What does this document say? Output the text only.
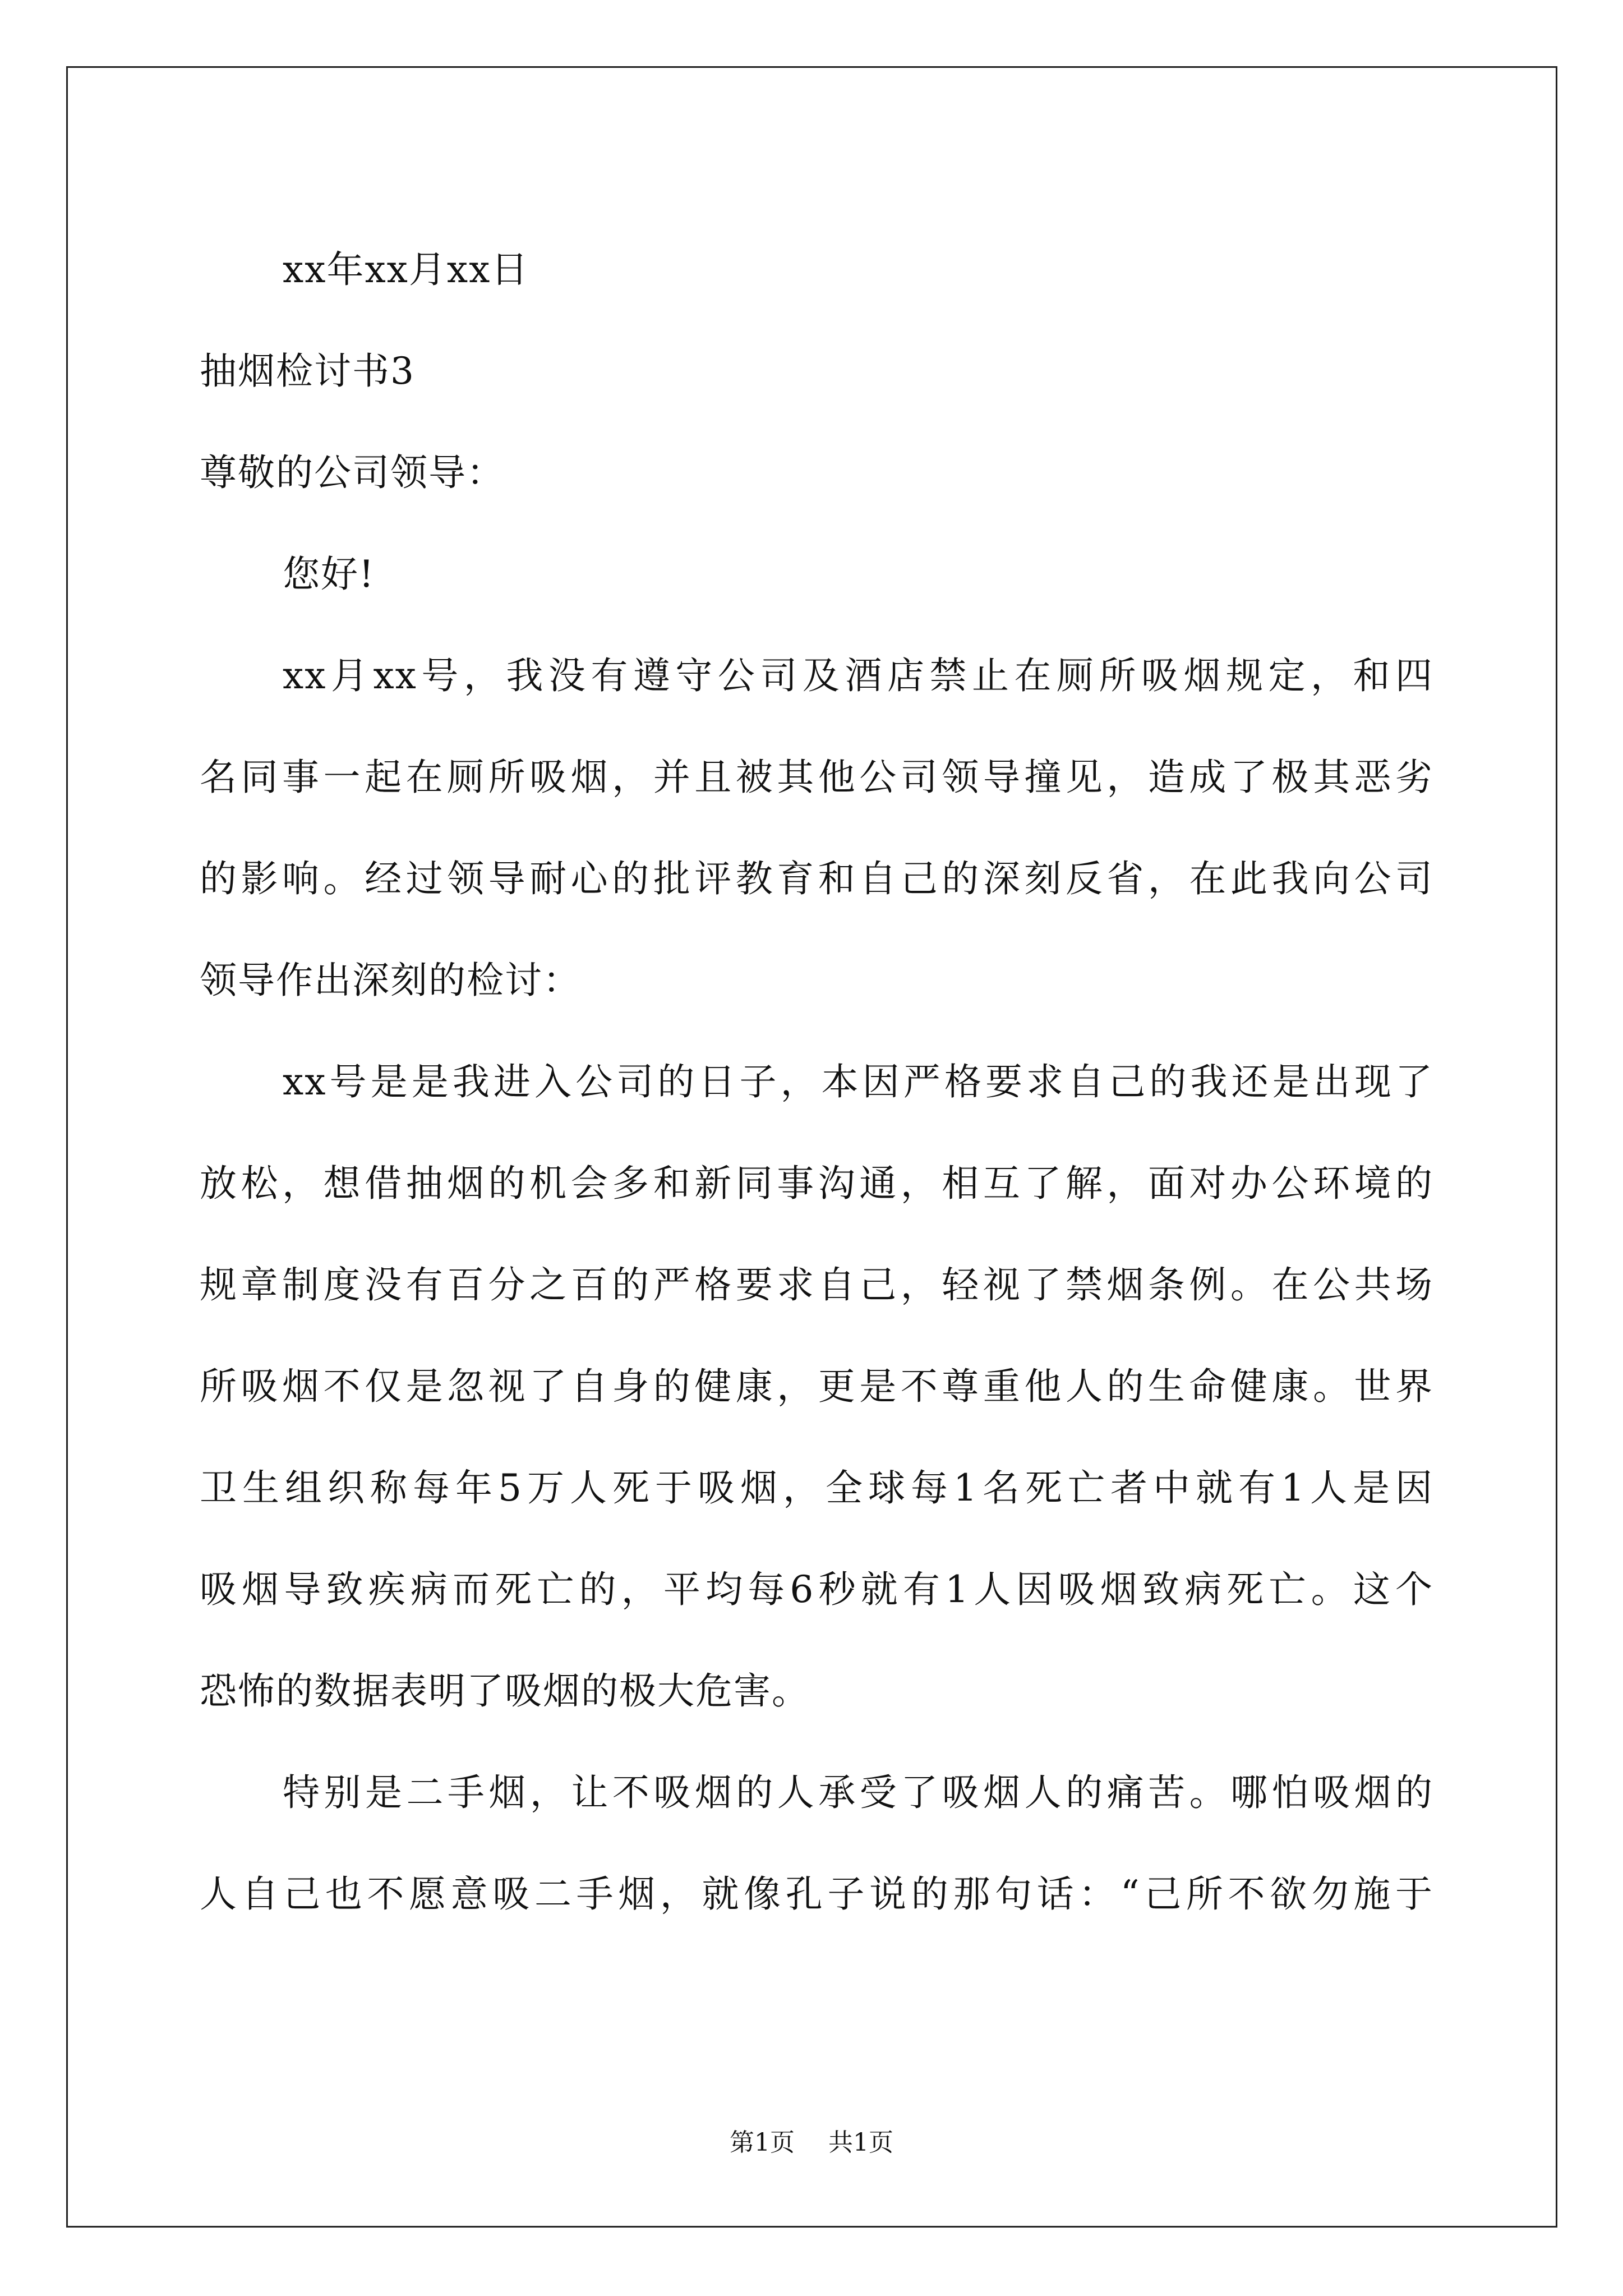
xx年xx月xx日
抽烟检讨书3
尊敬的公司领导：
您好!
xx月xx号，我没有遵守公司及酒店禁止在厕所吸烟规定，和四
名同事一起在厕所吸烟，并且被其他公司领导撞见，造成了极其恶劣
的影响。经过领导耐心的批评教育和自己的深刻反省，在此我向公司
领导作出深刻的检讨：
xx号是是我进入公司的日子，本因严格要求自己的我还是出现了
放松，想借抽烟的机会多和新同事沟通，相互了解，面对办公环境的
规章制度没有百分之百的严格要求自己，轻视了禁烟条例。在公共场
所吸烟不仅是忽视了自身的健康，更是不尊重他人的生命健康。世界
卫生组织称每年5万人死于吸烟，全球每1名死亡者中就有1人是因
吸烟导致疾病而死亡的，平均每6秒就有1人因吸烟致病死亡。这个
恐怖的数据表明了吸烟的极大危害。
特别是二手烟，让不吸烟的人承受了吸烟人的痛苦。哪怕吸烟的
人自己也不愿意吸二手烟，就像孔子说的那句话：“己所不欲勿施于
第1页 共1页
